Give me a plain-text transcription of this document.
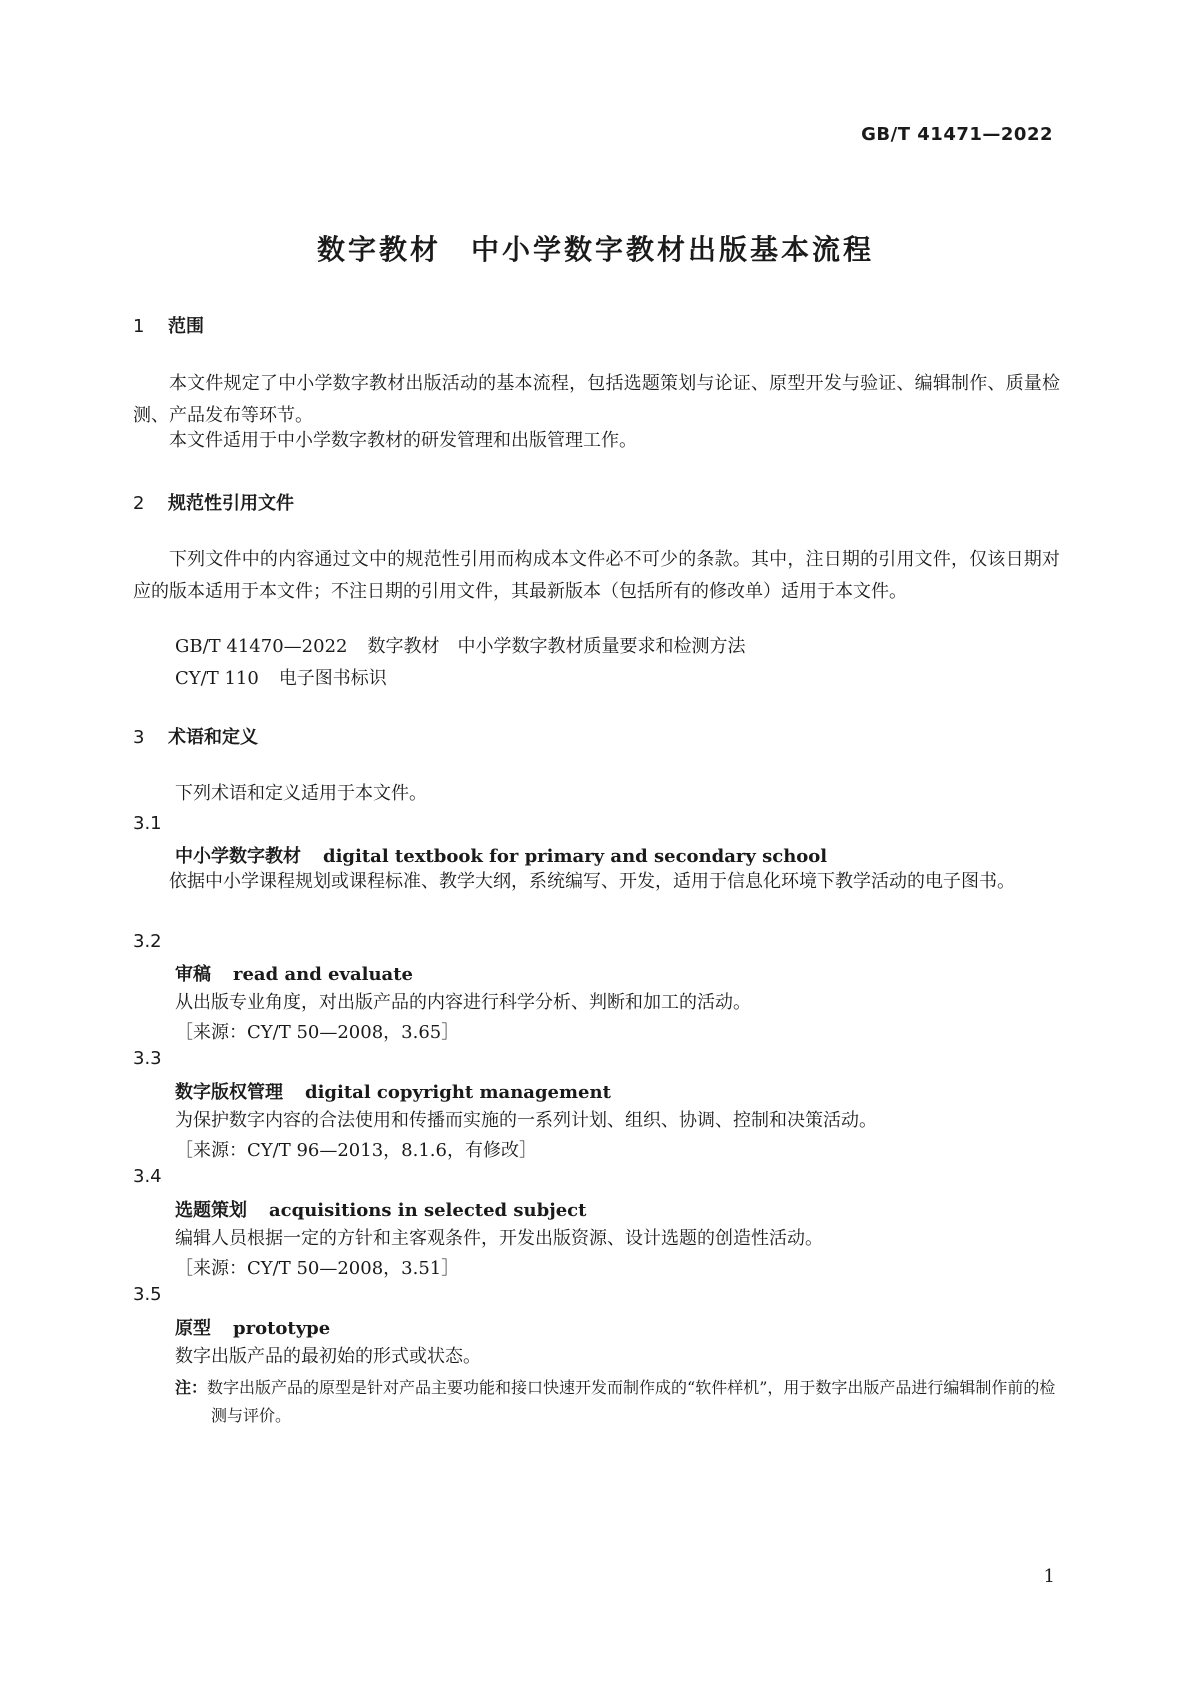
GB/T 41471—2022
数字教材 中小学数字教材出版基本流程
1 范围
本文件规定了中小学数字教材出版活动的基本流程，包括选题策划与论证、原型开发与验证、编辑制作、质量检测、产品发布等环节。
本文件适用于中小学数字教材的研发管理和出版管理工作。
2 规范性引用文件
下列文件中的内容通过文中的规范性引用而构成本文件必不可少的条款。其中，注日期的引用文件，仅该日期对应的版本适用于本文件；不注日期的引用文件，其最新版本（包括所有的修改单）适用于本文件。
GB/T 41470—2022 数字教材　中小学数字教材质量要求和检测方法
CY/T 110 电子图书标识
3 术语和定义
下列术语和定义适用于本文件。
3.1
中小学数字教材 digital textbook for primary and secondary school
依据中小学课程规划或课程标准、教学大纲，系统编写、开发，适用于信息化环境下教学活动的电子图书。
3.2
审稿 read and evaluate
从出版专业角度，对出版产品的内容进行科学分析、判断和加工的活动。
［来源：CY/T 50—2008，3.65］
3.3
数字版权管理 digital copyright management
为保护数字内容的合法使用和传播而实施的一系列计划、组织、协调、控制和决策活动。
［来源：CY/T 96—2013，8.1.6，有修改］
3.4
选题策划 acquisitions in selected subject
编辑人员根据一定的方针和主客观条件，开发出版资源、设计选题的创造性活动。
［来源：CY/T 50—2008，3.51］
3.5
原型 prototype
数字出版产品的最初始的形式或状态。
注：数字出版产品的原型是针对产品主要功能和接口快速开发而制作成的“软件样机”，用于数字出版产品进行编辑制作前的检测与评价。
1
